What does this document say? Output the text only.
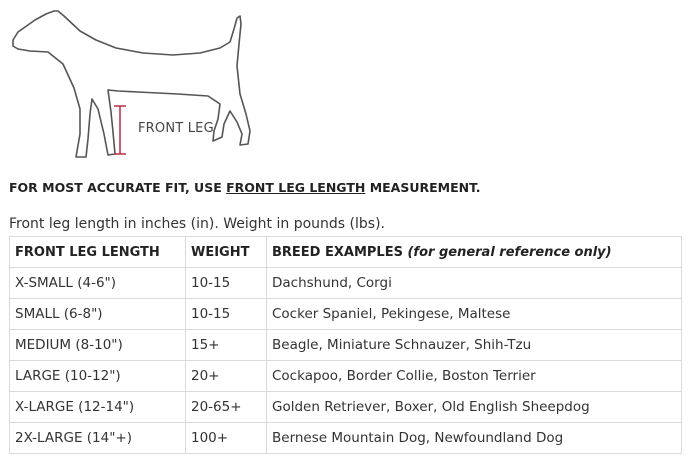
FRONT LEG
FOR MOST ACCURATE FIT, USE FRONT LEG LENGTH MEASUREMENT.
Front leg length in inches (in). Weight in pounds (lbs).
FRONT LEG LENGTH	WEIGHT	BREED EXAMPLES (for general reference only)
X-SMALL (4-6")	10-15	Dachshund, Corgi
SMALL (6-8")	10-15	Cocker Spaniel, Pekingese, Maltese
MEDIUM (8-10")	15+	Beagle, Miniature Schnauzer, Shih-Tzu
LARGE (10-12")	20+	Cockapoo, Border Collie, Boston Terrier
X-LARGE (12-14")	20-65+	Golden Retriever, Boxer, Old English Sheepdog
2X-LARGE (14"+)	100+	Bernese Mountain Dog, Newfoundland Dog
